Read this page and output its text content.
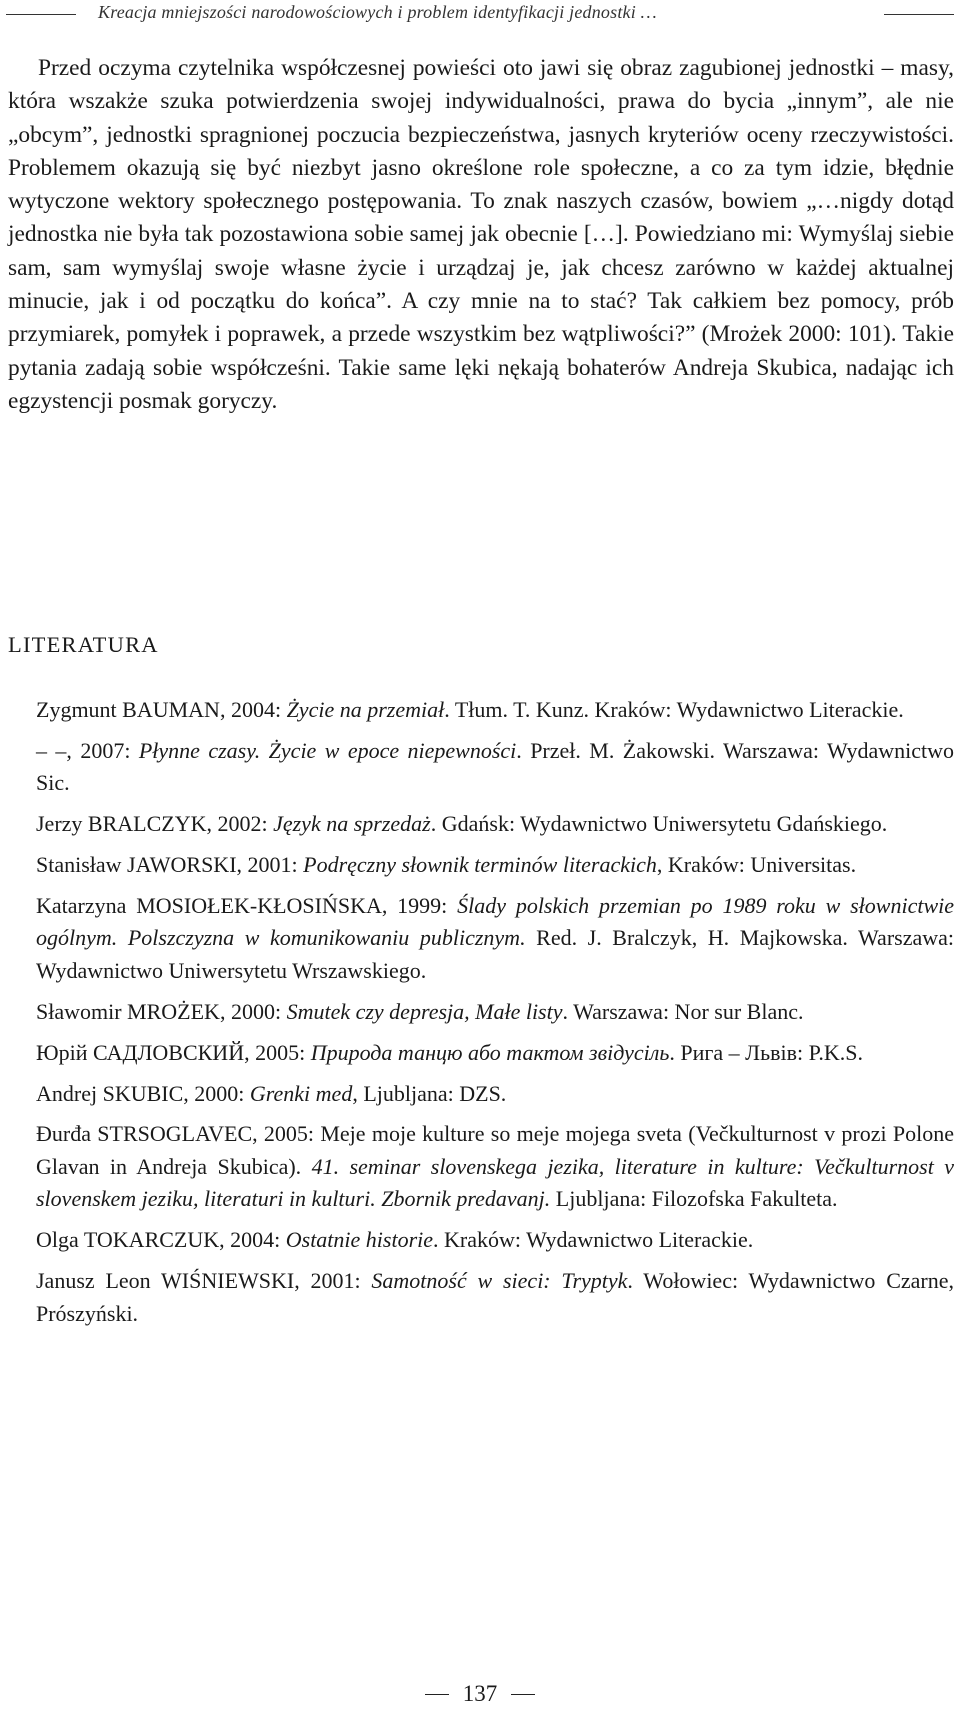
Kreacja mniejszości narodowościowych i problem identyfikacji jednostki …

Przed oczyma czytelnika współczesnej powieści oto jawi się obraz zagubionej jednostki – masy, która wszakże szuka potwierdzenia swojej indywidualności, prawa do bycia „innym”, ale nie „obcym”, jednostki spragnionej poczucia bezpieczeństwa, jasnych kryteriów oceny rzeczywistości. Problemem okazują się być niezbyt jasno określone role społeczne, a co za tym idzie, błędnie wytyczone wektory społecznego postępowania. To znak naszych czasów, bowiem „…nigdy dotąd jednostka nie była tak pozostawiona sobie samej jak obecnie […]. Powiedziano mi: Wymyślaj siebie sam, sam wymyślaj swoje własne życie i urządzaj je, jak chcesz zarówno w każdej aktualnej minucie, jak i od początku do końca”. A czy mnie na to stać? Tak całkiem bez pomocy, prób przymiarek, pomyłek i poprawek, a przede wszystkim bez wątpliwości?” (Mrożek 2000: 101). Takie pytania zadają sobie współcześni. Takie same lęki nękają bohaterów Andreja Skubica, nadając ich egzystencji posmak goryczy.

LITERATURA
Zygmunt BAUMAN, 2004: Życie na przemiał. Tłum. T. Kunz. Kraków: Wydawnictwo Literackie.
– –, 2007: Płynne czasy. Życie w epoce niepewności. Przeł. M. Żakowski. Warszawa: Wydawnictwo Sic.
Jerzy BRALCZYK, 2002: Język na sprzedaż. Gdańsk: Wydawnictwo Uniwersytetu Gdańskiego.
Stanisław JAWORSKI, 2001: Podręczny słownik terminów literackich, Kraków: Universitas.
Katarzyna MOSIOŁEK-KŁOSIŃSKA, 1999: Ślady polskich przemian po 1989 roku w słownictwie ogólnym. Polszczyzna w komunikowaniu publicznym. Red. J. Bralczyk, H. Majkowska. Warszawa: Wydawnictwo Uniwersytetu Wrszawskiego.
Sławomir MROŻEK, 2000: Smutek czy depresja, Małe listy. Warszawa: Nor sur Blanc.
Юрій САДЛОВСКИЙ, 2005: Природа танцю або тактом звідусіль. Рига – Львів: P.K.S.
Andrej SKUBIC, 2000: Grenki med, Ljubljana: DZS.
Đurđa STRSOGLAVEC, 2005: Meje moje kulture so meje mojega sveta (Večkulturnost v prozi Polone Glavan in Andreja Skubica). 41. seminar slovenskega jezika, literature in kulture: Večkulturnost v slovenskem jeziku, literaturi in kulturi. Zbornik predavanj. Ljubljana: Filozofska Fakulteta.
Olga TOKARCZUK, 2004: Ostatnie historie. Kraków: Wydawnictwo Literackie.
Janusz Leon WIŚNIEWSKI, 2001: Samotność w sieci: Tryptyk. Wołowiec: Wydawnictwo Czarne, Prószyński.
137
